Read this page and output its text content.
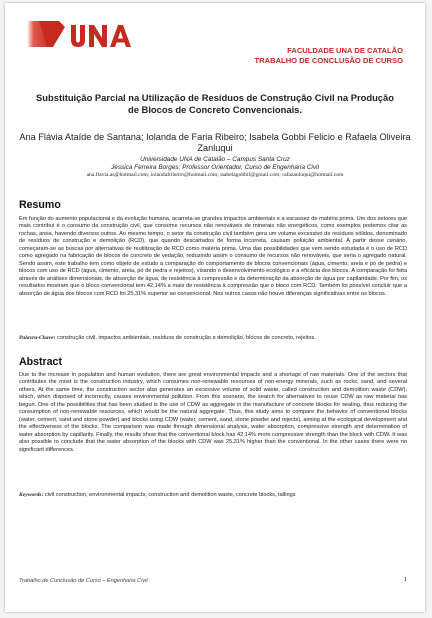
FACULDADE UNA DE CATALÃO
TRABALHO DE CONCLUSÃO DE CURSO
Substituição Parcial na Utilização de Resíduos de Construção Civil na Produção de Blocos de Concreto Convencionais.
Ana Flávia Ataíde de Santana; Iolanda de Faria Ribeiro; Isabela Gobbi Felicio e Rafaela Oliveira Zanluqui
Universidade UNA de Catalão – Campus Santa Cruz
Jéssica Ferreira Borges; Professor Orientador, Curso de Engenharia Civil
ana.flavia.as@hotmail.com; iolandafribeiro@hotmail.com; isabelagobbif@gmail.com; rafazanluqui@hotmail.com
Resumo

Em função do aumento populacional e da evolução humana, acarreta-se grandes impactos ambientais e a escassez de matéria prima. Um dos setores que mais contribui é o consumo da construção civil, que consome recursos não renováveis de minerais não energéticos, como exemplos podemos citar as rochas, areia, havendo diversos outros. Ao mesmo tempo, o setor da construção civil também gera um volume excessivo de resíduos sólidos, denominado de resíduos de construção e demolição (RCD), que quando descartados de forma incorreta, causam poluição ambiental. A partir desse cenário, começaram-se as buscas por alternativas de reutilização de RCD como matéria prima. Uma das possibilidades que vem sendo estudada é o uso de RCD como agregado na fabricação de blocos de concreto de vedação, reduzindo assim o consumo de recursos não renováveis, que seria o agregado natural. Sendo assim, este trabalho tem como objeto de estudo a comparação do comportamento de blocos convencionais (água, cimento, areia e pó de pedra) e blocos com uso de RCD (água, cimento, areia, pó de pedra e rejeitos), visando o desenvolvimento ecológico e a eficácia dos blocos. A comparação foi feita através de análises dimensionais, de absorção de água, de resistência à compressão e da determinação da absorção de água por capilaridade. Por fim, os resultados mostram que o bloco convencional tem 42,14% a mais de resistência à compressão que o bloco com RCD. Também foi possível concluir que a absorção de água dos blocos com RCD foi 25,31% superior ao convencional. Nos outros casos não houve diferenças significativas entre os blocos.

Palavra-Chave: construção civil, impactos ambientais, resíduos de construção e demolição, blocos de concreto, rejeitos.

Abstract

Due to the increase in population and human evolution, there are great environmental impacts and a shortage of raw materials. One of the sectors that contributes the most is the construction industry, which consumes non-renewable resources of non-energy minerals, such as rocks, sand, and several others. At the same time, the construction sector also generates an excessive volume of solid waste, called construction and demolition waste (CDW), which, when disposed of incorrectly, causes environmental pollution. From this scenario, the search for alternatives to reuse CDW as raw material has begun. One of the possibilities that has been studied is the use of CDW as aggregate in the manufacture of concrete blocks for sealing, thus reducing the consumption of non-renewable resources, which would be the natural aggregate. Thus, this study aims to compare the behavior of conventional blocks (water, cement, sand and stone powder) and blocks using CDW (water, cement, sand, stone powder and rejects), aiming at the ecological development and the effectiveness of the blocks. The comparison was made through dimensional analysis, water absorption, compressive strength and determination of water absorption by capillarity. Finally, the results show that the conventional block has 42,14% more compressive strength than the block with CDW. It was also possible to conclude that the water absorption of the blocks with CDW was 25,31% higher than the conventional. In the other cases there were no significant differences.

Keywords: civil construction, environmental impacts, construction and demolition waste, concrete blocks, tailings

Trabalho de Conclusão de Curso – Engenharia Civil	1
